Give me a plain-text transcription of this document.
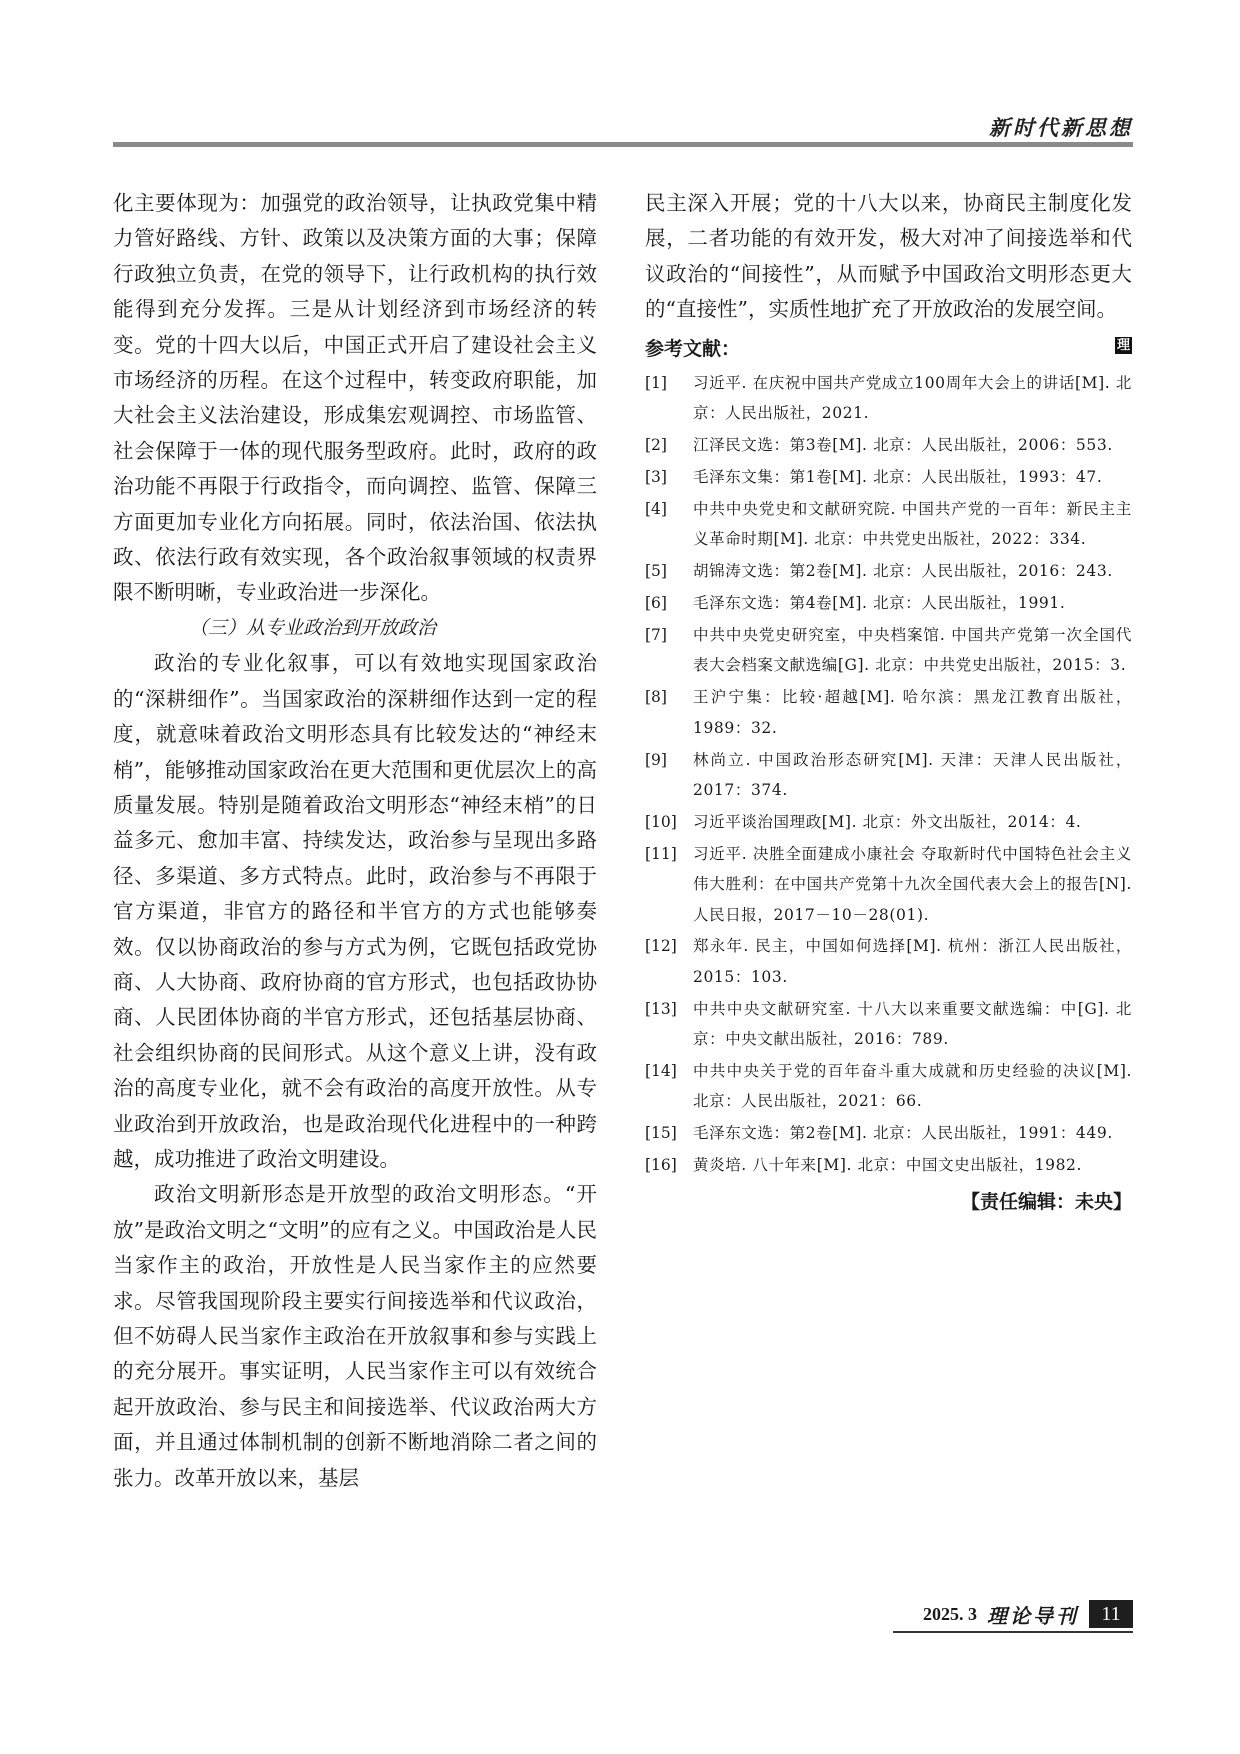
新时代新思想

化主要体现为：加强党的政治领导，让执政党集中精力管好路线、方针、政策以及决策方面的大事；保障行政独立负责，在党的领导下，让行政机构的执行效能得到充分发挥。三是从计划经济到市场经济的转变。党的十四大以后，中国正式开启了建设社会主义市场经济的历程。在这个过程中，转变政府职能，加大社会主义法治建设，形成集宏观调控、市场监管、社会保障于一体的现代服务型政府。此时，政府的政治功能不再限于行政指令，而向调控、监管、保障三方面更加专业化方向拓展。同时，依法治国、依法执政、依法行政有效实现，各个政治叙事领域的权责界限不断明晰，专业政治进一步深化。

（三）从专业政治到开放政治

政治的专业化叙事，可以有效地实现国家政治的“深耕细作”。当国家政治的深耕细作达到一定的程度，就意味着政治文明形态具有比较发达的“神经末梢”，能够推动国家政治在更大范围和更优层次上的高质量发展。特别是随着政治文明形态“神经末梢”的日益多元、愈加丰富、持续发达，政治参与呈现出多路径、多渠道、多方式特点。此时，政治参与不再限于官方渠道，非官方的路径和半官方的方式也能够奏效。仅以协商政治的参与方式为例，它既包括政党协商、人大协商、政府协商的官方形式，也包括政协协商、人民团体协商的半官方形式，还包括基层协商、社会组织协商的民间形式。从这个意义上讲，没有政治的高度专业化，就不会有政治的高度开放性。从专业政治到开放政治，也是政治现代化进程中的一种跨越，成功推进了政治文明建设。

政治文明新形态是开放型的政治文明形态。“开放”是政治文明之“文明”的应有之义。中国政治是人民当家作主的政治，开放性是人民当家作主的应然要求。尽管我国现阶段主要实行间接选举和代议政治，但不妨碍人民当家作主政治在开放叙事和参与实践上的充分展开。事实证明，人民当家作主可以有效统合起开放政治、参与民主和间接选举、代议政治两大方面，并且通过体制机制的创新不断地消除二者之间的张力。改革开放以来，基层

民主深入开展；党的十八大以来，协商民主制度化发展，二者功能的有效开发，极大对冲了间接选举和代议政治的“间接性”，从而赋予中国政治文明形态更大的“直接性”，实质性地扩充了开放政治的发展空间。
理

参考文献：
[1] 习近平. 在庆祝中国共产党成立100周年大会上的讲话[M]. 北京：人民出版社，2021.
[2] 江泽民文选：第3卷[M]. 北京：人民出版社，2006：553.
[3] 毛泽东文集：第1卷[M]. 北京：人民出版社，1993：47.
[4] 中共中央党史和文献研究院. 中国共产党的一百年：新民主主义革命时期[M]. 北京：中共党史出版社，2022：334.
[5] 胡锦涛文选：第2卷[M]. 北京：人民出版社，2016：243.
[6] 毛泽东文选：第4卷[M]. 北京：人民出版社，1991.
[7] 中共中央党史研究室，中央档案馆. 中国共产党第一次全国代表大会档案文献选编[G]. 北京：中共党史出版社，2015：3.
[8] 王沪宁集：比较·超越[M]. 哈尔滨：黑龙江教育出版社，1989：32.
[9] 林尚立. 中国政治形态研究[M]. 天津：天津人民出版社，2017：374.
[10] 习近平谈治国理政[M]. 北京：外文出版社，2014：4.
[11] 习近平. 决胜全面建成小康社会 夺取新时代中国特色社会主义伟大胜利：在中国共产党第十九次全国代表大会上的报告[N]. 人民日报，2017－10－28(01).
[12] 郑永年. 民主，中国如何选择[M]. 杭州：浙江人民出版社，2015：103.
[13] 中共中央文献研究室. 十八大以来重要文献选编：中[G]. 北京：中央文献出版社，2016：789.
[14] 中共中央关于党的百年奋斗重大成就和历史经验的决议[M]. 北京：人民出版社，2021：66.
[15] 毛泽东文选：第2卷[M]. 北京：人民出版社，1991：449.
[16] 黄炎培. 八十年来[M]. 北京：中国文史出版社，1982.
【责任编辑：未央】
2025. 3 理论导刊	11
